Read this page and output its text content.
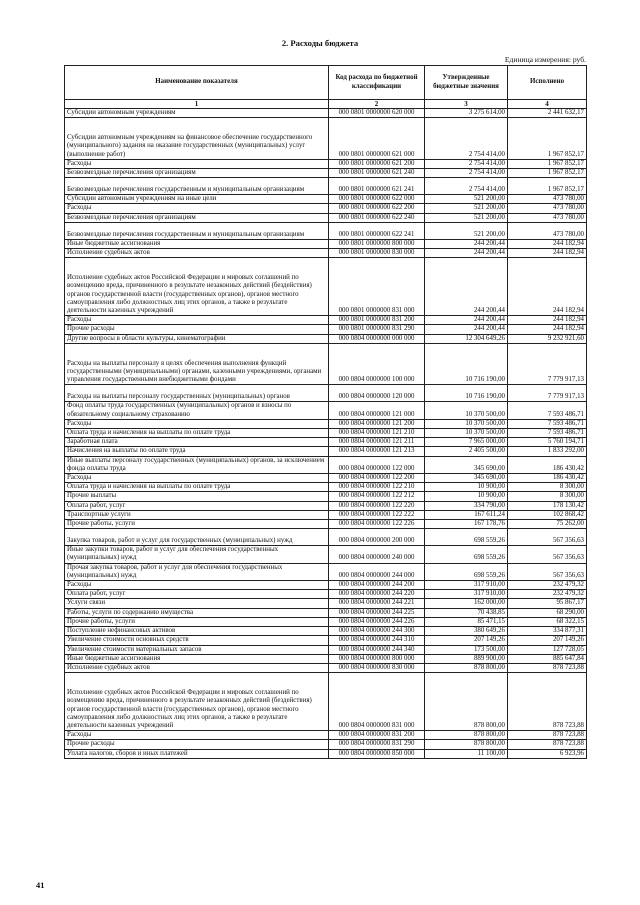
2. Расходы бюджета
Единица измерения: руб.
Наименование показателя	Код расхода по бюджетной классификации	Утвержденные бюджетные значения	Исполнено
1	2	3	4
Субсидии автономным учреждениям	000 0801 0000000 620 000	3 275 614,00	2 441 632,17
Субсидии автономным учреждениям на финансовое обеспечение государственного (муниципального) задания на оказание государственных (муниципальных) услуг (выполнение работ)	000 0801 0000000 621 000	2 754 414,00	1 967 852,17
Расходы	000 0801 0000000 621 200	2 754 414,00	1 967 852,17
Безвозмездные перечисления организациям	000 0801 0000000 621 240	2 754 414,00	1 967 852,17
Безвозмездные перечисления государственным и муниципальным организациям	000 0801 0000000 621 241	2 754 414,00	1 967 852,17
Субсидии автономным учреждениям на иные цели	000 0801 0000000 622 000	521 200,00	473 780,00
Расходы	000 0801 0000000 622 200	521 200,00	473 780,00
Безвозмездные перечисления организациям	000 0801 0000000 622 240	521 200,00	473 780,00
Безвозмездные перечисления государственным и муниципальным организациям	000 0801 0000000 622 241	521 200,00	473 780,00
Иные бюджетные ассигнования	000 0801 0000000 800 000	244 200,44	244 182,94
Исполнение судебных актов	000 0801 0000000 830 000	244 200,44	244 182,94
Исполнение судебных актов Российской Федерации и мировых соглашений по возмещению вреда, причиненного в результате незаконных действий (бездействия) органов государственной власти (государственных органов), органов местного самоуправления либо должностных лиц этих органов, а также в результате деятельности казенных учреждений	000 0801 0000000 831 000	244 200,44	244 182,94
Расходы	000 0801 0000000 831 200	244 200,44	244 182,94
Прочие расходы	000 0801 0000000 831 290	244 200,44	244 182,94
Другие вопросы в области культуры, кинематографии	000 0804 0000000 000 000	12 304 649,26	9 232 921,60
Расходы на выплаты персоналу в целях обеспечения выполнения функций государственными (муниципальными) органами, казенными учреждениями, органами управления государственными внебюджетными фондами	000 0804 0000000 100 000	10 716 190,00	7 779 917,13
Расходы на выплаты персоналу государственных (муниципальных) органов	000 0804 0000000 120 000	10 716 190,00	7 779 917,13
Фонд оплаты труда государственных (муниципальных) органов и взносы по обязательному социальному страхованию	000 0804 0000000 121 000	10 370 500,00	7 593 486,71
Расходы	000 0804 0000000 121 200	10 370 500,00	7 593 486,71
Оплата труда и начисления на выплаты по оплате труда	000 0804 0000000 121 210	10 370 500,00	7 593 486,71
Заработная плата	000 0804 0000000 121 211	7 965 000,00	5 760 194,71
Начисления на выплаты по оплате труда	000 0804 0000000 121 213	2 405 500,00	1 833 292,00
Иные выплаты персоналу государственных (муниципальных) органов, за исключением фонда оплаты труда	000 0804 0000000 122 000	345 690,00	186 430,42
Расходы	000 0804 0000000 122 200	345 690,00	186 430,42
Оплата труда и начисления на выплаты по оплате труда	000 0804 0000000 122 210	10 900,00	8 300,00
Прочие выплаты	000 0804 0000000 122 212	10 900,00	8 300,00
Оплата работ, услуг	000 0804 0000000 122 220	334 790,00	178 130,42
Транспортные услуги	000 0804 0000000 122 222	167 611,24	102 868,42
Прочие работы, услуги	000 0804 0000000 122 226	167 178,76	75 262,00
Закупка товаров, работ и услуг для государственных (муниципальных) нужд	000 0804 0000000 200 000	698 559,26	567 356,63
Иные закупки товаров, работ и услуг для обеспечения государственных (муниципальных) нужд	000 0804 0000000 240 000	698 559,26	567 356,63
Прочая закупка товаров, работ и услуг для обеспечения государственных (муниципальных) нужд	000 0804 0000000 244 000	698 559,26	567 356,63
Расходы	000 0804 0000000 244 200	317 910,00	232 479,32
Оплата работ, услуг	000 0804 0000000 244 220	317 910,00	232 479,32
Услуги связи	000 0804 0000000 244 221	162 000,00	95 867,17
Работы, услуги по содержанию имущества	000 0804 0000000 244 225	70 438,85	68 290,00
Прочие работы, услуги	000 0804 0000000 244 226	85 471,15	68 322,15
Поступление нефинансовых активов	000 0804 0000000 244 300	380 649,26	334 877,31
Увеличение стоимости основных средств	000 0804 0000000 244 310	207 149,26	207 149,26
Увеличение стоимости материальных запасов	000 0804 0000000 244 340	173 500,00	127 728,05
Иные бюджетные ассигнования	000 0804 0000000 800 000	889 900,00	885 647,84
Исполнение судебных актов	000 0804 0000000 830 000	878 800,00	878 723,88
Исполнение судебных актов Российской Федерации и мировых соглашений по возмещению вреда, причиненного в результате незаконных действий (бездействия) органов государственной власти (государственных органов), органов местного самоуправления либо должностных лиц этих органов, а также в результате деятельности казенных учреждений	000 0804 0000000 831 000	878 800,00	878 723,88
Расходы	000 0804 0000000 831 200	878 800,00	878 723,88
Прочие расходы	000 0804 0000000 831 290	878 800,00	878 723,88
Уплата налогов, сборов и иных платежей	000 0804 0000000 850 000	11 100,00	6 923,96
41
